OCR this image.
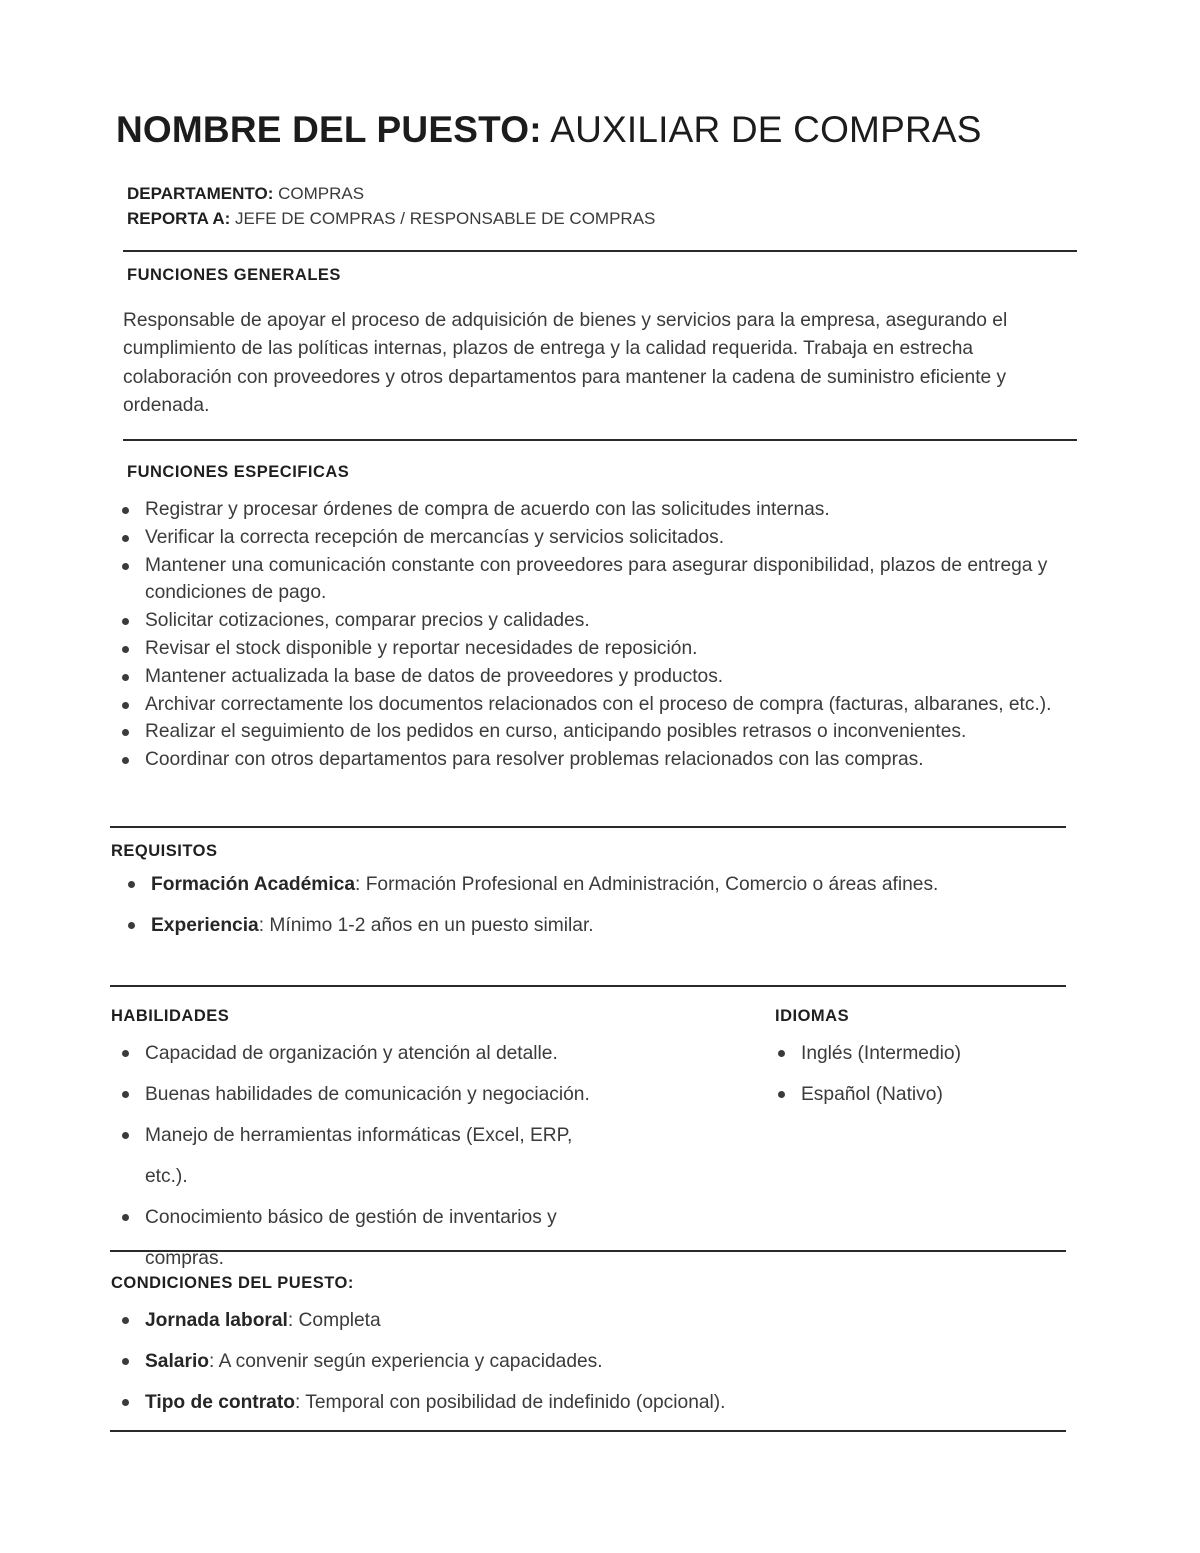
NOMBRE DEL PUESTO: AUXILIAR DE COMPRAS
DEPARTAMENTO: COMPRAS
REPORTA A: JEFE DE COMPRAS / RESPONSABLE DE COMPRAS
FUNCIONES GENERALES

Responsable de apoyar el proceso de adquisición de bienes y servicios para la empresa, asegurando el cumplimiento de las políticas internas, plazos de entrega y la calidad requerida. Trabaja en estrecha colaboración con proveedores y otros departamentos para mantener la cadena de suministro eficiente y ordenada.

FUNCIONES ESPECIFICAS
Registrar y procesar órdenes de compra de acuerdo con las solicitudes internas.
Verificar la correcta recepción de mercancías y servicios solicitados.
Mantener una comunicación constante con proveedores para asegurar disponibilidad, plazos de entrega y condiciones de pago.
Solicitar cotizaciones, comparar precios y calidades.
Revisar el stock disponible y reportar necesidades de reposición.
Mantener actualizada la base de datos de proveedores y productos.
Archivar correctamente los documentos relacionados con el proceso de compra (facturas, albaranes, etc.).
Realizar el seguimiento de los pedidos en curso, anticipando posibles retrasos o inconvenientes.
Coordinar con otros departamentos para resolver problemas relacionados con las compras.
REQUISITOS
Formación Académica: Formación Profesional en Administración, Comercio o áreas afines.
Experiencia: Mínimo 1-2 años en un puesto similar.
HABILIDADES
Capacidad de organización y atención al detalle.
Buenas habilidades de comunicación y negociación.
Manejo de herramientas informáticas (Excel, ERP, etc.).
Conocimiento básico de gestión de inventarios y compras.
IDIOMAS
Inglés (Intermedio)
Español (Nativo)
CONDICIONES DEL PUESTO:
Jornada laboral: Completa
Salario: A convenir según experiencia y capacidades.
Tipo de contrato: Temporal con posibilidad de indefinido (opcional).
